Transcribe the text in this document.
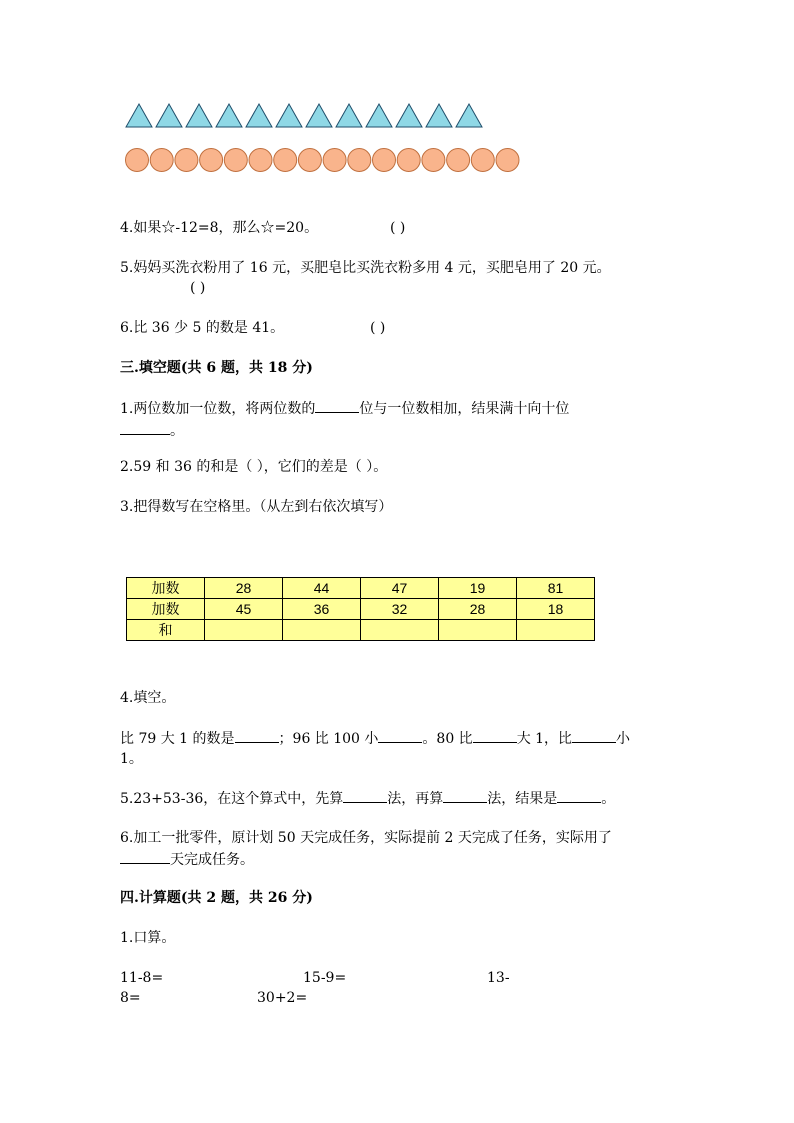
4.如果☆-12=8，那么☆=20。	( )
5.妈妈买洗衣粉用了 16 元，买肥皂比买洗衣粉多用 4 元，买肥皂用了 20 元。
( )
6.比 36 少 5 的数是 41。	( )
三.填空题(共 6 题，共 18 分)
1.两位数加一位数，将两位数的	位与一位数相加，结果满十向十位
。
2.59 和 36 的和是（ ），它们的差是（ ）。
3.把得数写在空格里。（从左到右依次填写）
加数	28	44	47	19	81
加数	45	36	32	28	18
和					
4.填空。
比 79 大 1 的数是	；96 比 100 小	。80 比	大 1，比	小
1。
5.23+53-36，在这个算式中，先算	法，再算	法，结果是	。
6.加工一批零件，原计划 50 天完成任务，实际提前 2 天完成了任务，实际用了
天完成任务。
四.计算题(共 2 题，共 26 分)
1.口算。
11-8=	15-9=	13-
8=	30+2=
